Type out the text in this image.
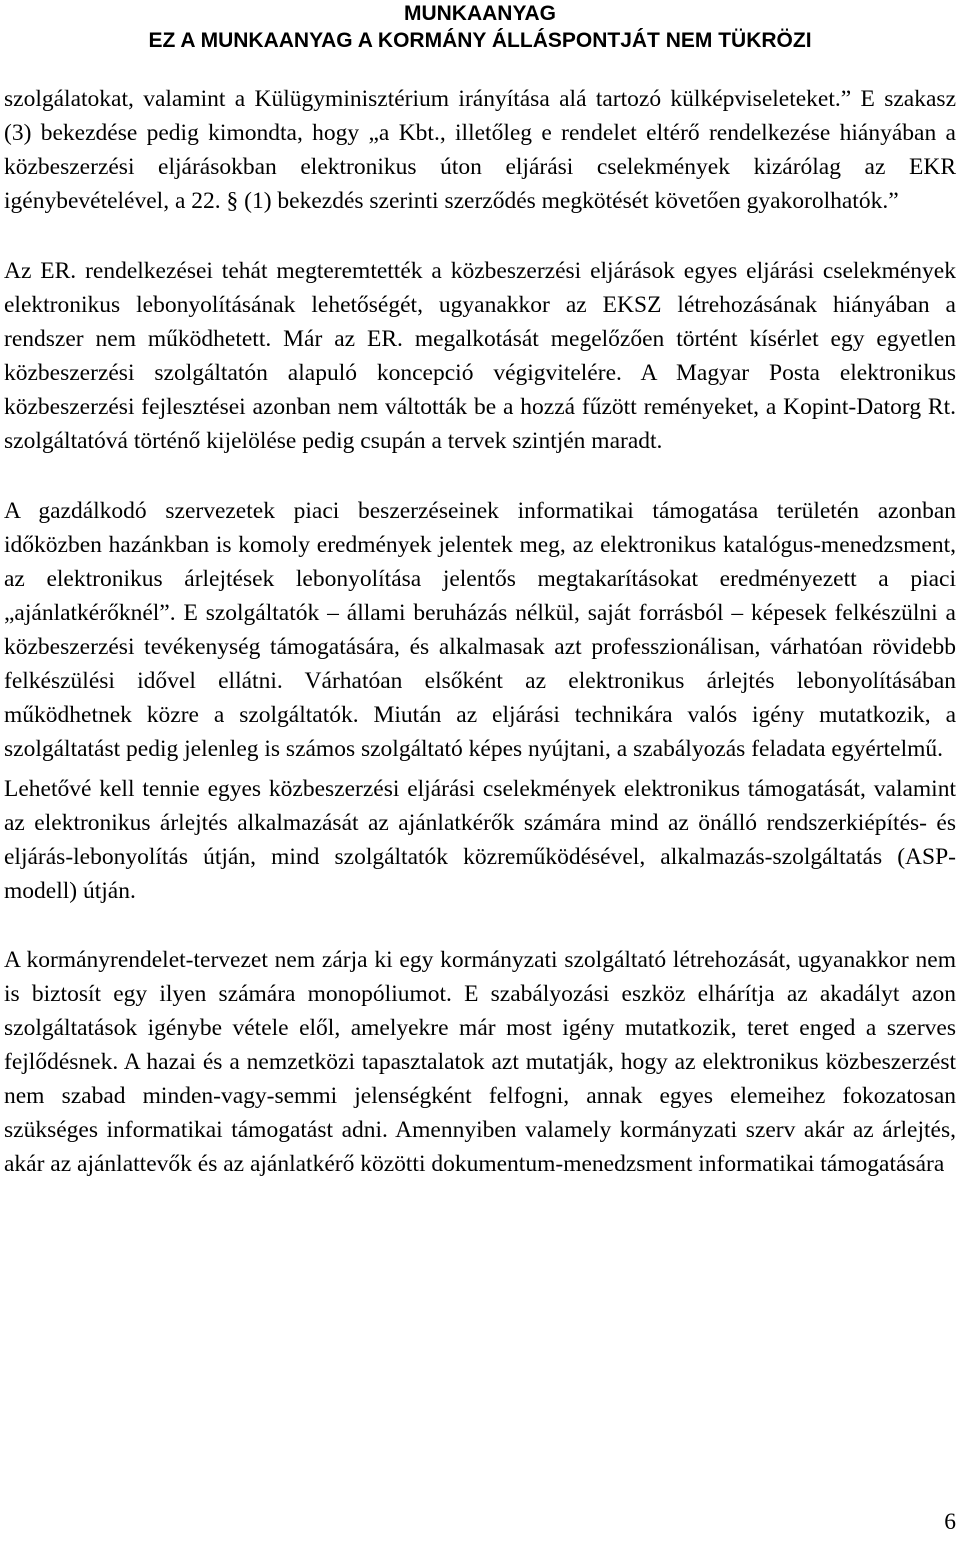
MUNKAANYAG
EZ A MUNKAANYAG A KORMÁNY ÁLLÁSPONTJÁT NEM TÜKRÖZI

szolgálatokat, valamint a Külügyminisztérium irányítása alá tartozó külképviseleteket.” E szakasz (3) bekezdése pedig kimondta, hogy „a Kbt., illetőleg e rendelet eltérő rendelkezése hiányában a közbeszerzési eljárásokban elektronikus úton eljárási cselekmények kizárólag az EKR igénybevételével, a 22. § (1) bekezdés szerinti szerződés megkötését követően gyakorolhatók.”

Az ER. rendelkezései tehát megteremtették a közbeszerzési eljárások egyes eljárási cselekmények elektronikus lebonyolításának lehetőségét, ugyanakkor az EKSZ létrehozásának hiányában a rendszer nem működhetett. Már az ER. megalkotását megelőzően történt kísérlet egy egyetlen közbeszerzési szolgáltatón alapuló koncepció végigvitelére. A Magyar Posta elektronikus közbeszerzési fejlesztései azonban nem váltották be a hozzá fűzött reményeket, a Kopint-Datorg Rt. szolgáltatóvá történő kijelölése pedig csupán a tervek szintjén maradt.

A gazdálkodó szervezetek piaci beszerzéseinek informatikai támogatása területén azonban időközben hazánkban is komoly eredmények jelentek meg, az elektronikus katalógus-menedzsment, az elektronikus árlejtések lebonyolítása jelentős megtakarításokat eredményezett a piaci „ajánlatkérőknél”. E szolgáltatók – állami beruházás nélkül, saját forrásból – képesek felkészülni a közbeszerzési tevékenység támogatására, és alkalmasak azt professzionálisan, várhatóan rövidebb felkészülési idővel ellátni. Várhatóan elsőként az elektronikus árlejtés lebonyolításában működhetnek közre a szolgáltatók. Miután az eljárási technikára valós igény mutatkozik, a szolgáltatást pedig jelenleg is számos szolgáltató képes nyújtani, a szabályozás feladata egyértelmű.

Lehetővé kell tennie egyes közbeszerzési eljárási cselekmények elektronikus támogatását, valamint az elektronikus árlejtés alkalmazását az ajánlatkérők számára mind az önálló rendszerkiépítés- és eljárás-lebonyolítás útján, mind szolgáltatók közreműködésével, alkalmazás-szolgáltatás (ASP-modell) útján.

A kormányrendelet-tervezet nem zárja ki egy kormányzati szolgáltató létrehozását, ugyanakkor nem is biztosít egy ilyen számára monopóliumot. E szabályozási eszköz elhárítja az akadályt azon szolgáltatások igénybe vétele elől, amelyekre már most igény mutatkozik, teret enged a szerves fejlődésnek. A hazai és a nemzetközi tapasztalatok azt mutatják, hogy az elektronikus közbeszerzést nem szabad minden-vagy-semmi jelenségként felfogni, annak egyes elemeihez fokozatosan szükséges informatikai támogatást adni. Amennyiben valamely kormányzati szerv akár az árlejtés, akár az ajánlattevők és az ajánlatkérő közötti dokumentum-menedzsment informatikai támogatására

6
